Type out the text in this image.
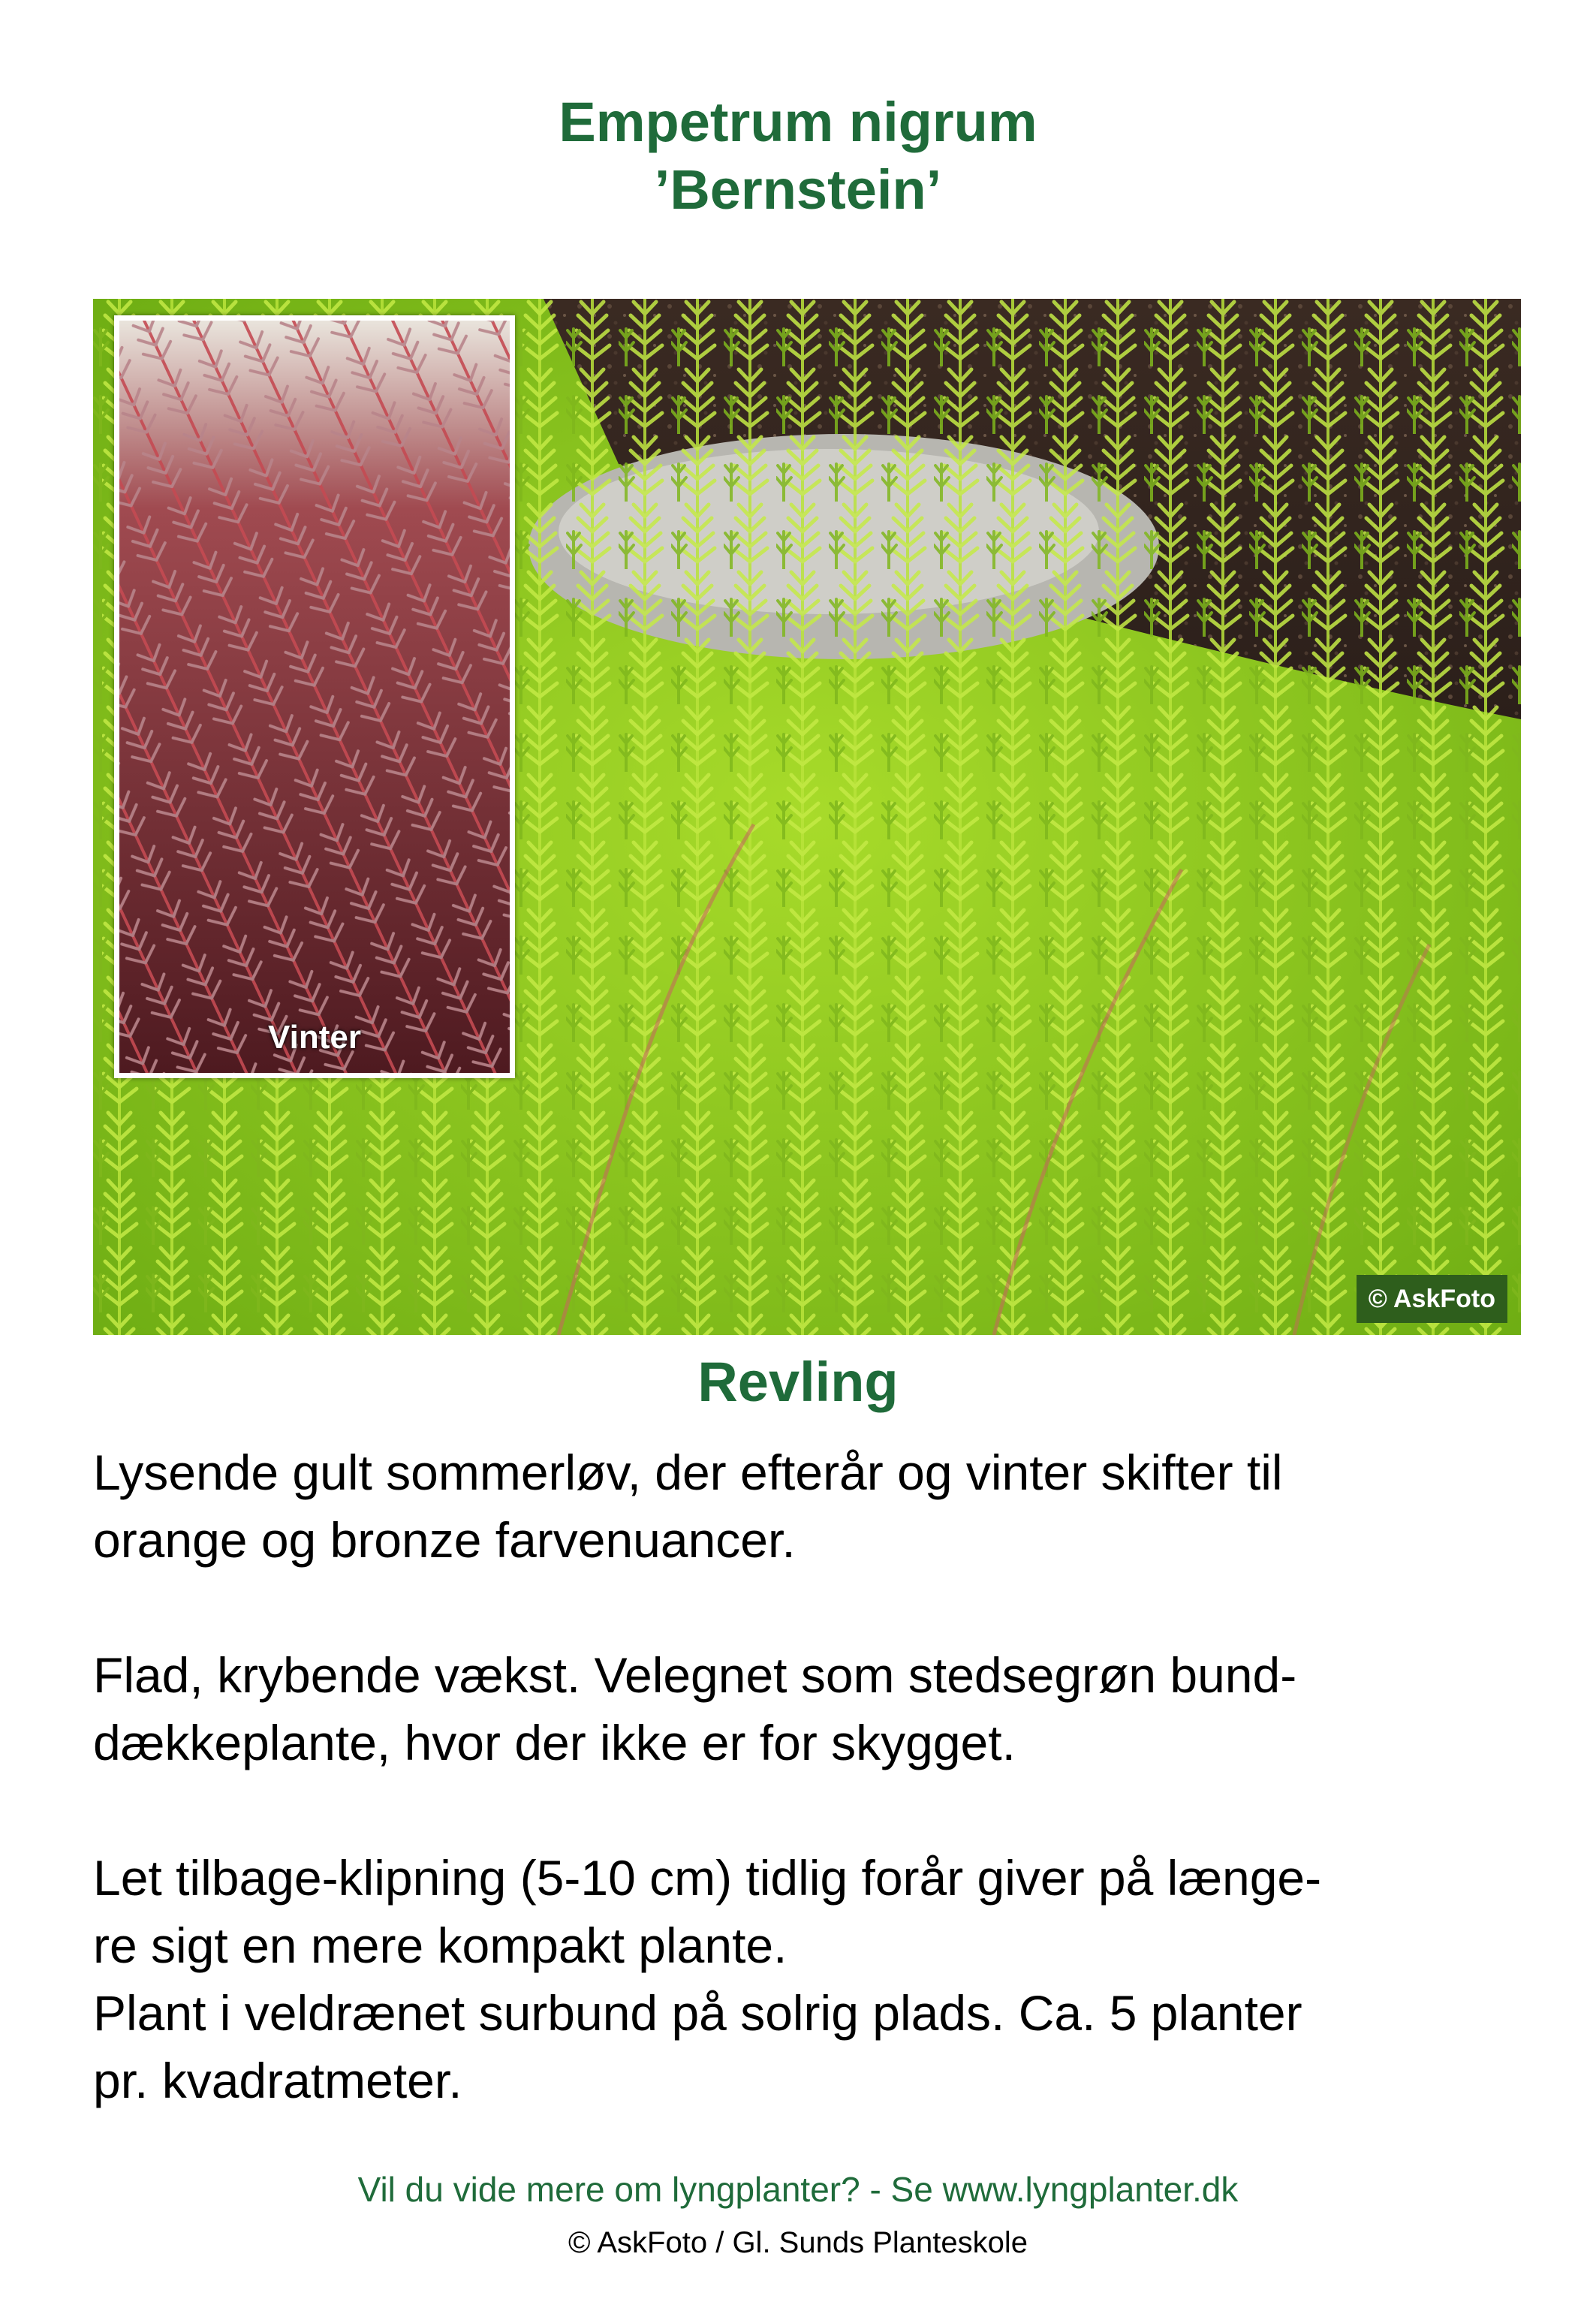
Empetrum nigrum
’Bernstein’
Vinter
© AskFoto
Revling
Lysende gult sommerløv, der efterår og vinter skifter til
orange og bronze farvenuancer.
Flad, krybende vækst. Velegnet som stedsegrøn bund-
dækkeplante, hvor der ikke er for skygget.
Let tilbage-klipning (5-10 cm) tidlig forår giver på længe-
re sigt en mere kompakt plante.
Plant i veldrænet surbund på solrig plads. Ca. 5 planter
pr. kvadratmeter.
Vil du vide mere om lyngplanter? - Se www.lyngplanter.dk
© AskFoto / Gl. Sunds Planteskole
